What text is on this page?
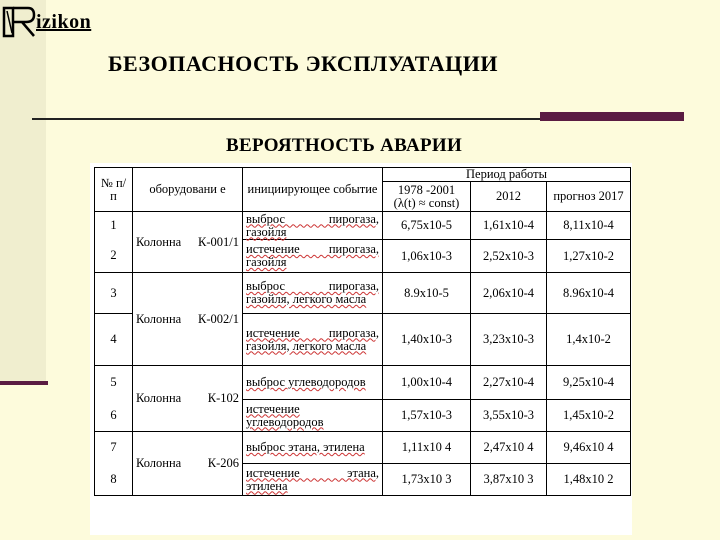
izikon
БЕЗОПАСНОСТЬ ЭКСПЛУАТАЦИИ
ВЕРОЯТНОСТЬ АВАРИИ
№ п/п	оборудовани е	инициирующее событие	Период работы		
			1978 -2001 (λ(t) ≈ const)	2012	прогноз 2017
1	Колонна К-001/1	выброс пирогаза, газойля	6,75х10-5	1,61х10-4	8,11х10-4
2		истечение пирогаза, газойля	1,06х10-3	2,52х10-3	1,27х10-2
3	Колонна К-002/1	выброс пирогаза, газойля, легкого масла	8.9х10-5	2,06х10-4	8.96х10-4
4		истечение пирогаза, газойля, легкого масла	1,40х10-3	3,23х10-3	1,4х10-2
5	Колонна К-102	выброс углеводородов	1,00х10-4	2,27х10-4	9,25х10-4
6		истечение углеводородов	1,57х10-3	3,55х10-3	1,45х10-2
7	Колонна К-206	выброс этана, этилена	1,11х10 4	2,47х10 4	9,46х10 4
8		истечение этана, этилена	1,73х10 3	3,87х10 3	1,48х10 2
